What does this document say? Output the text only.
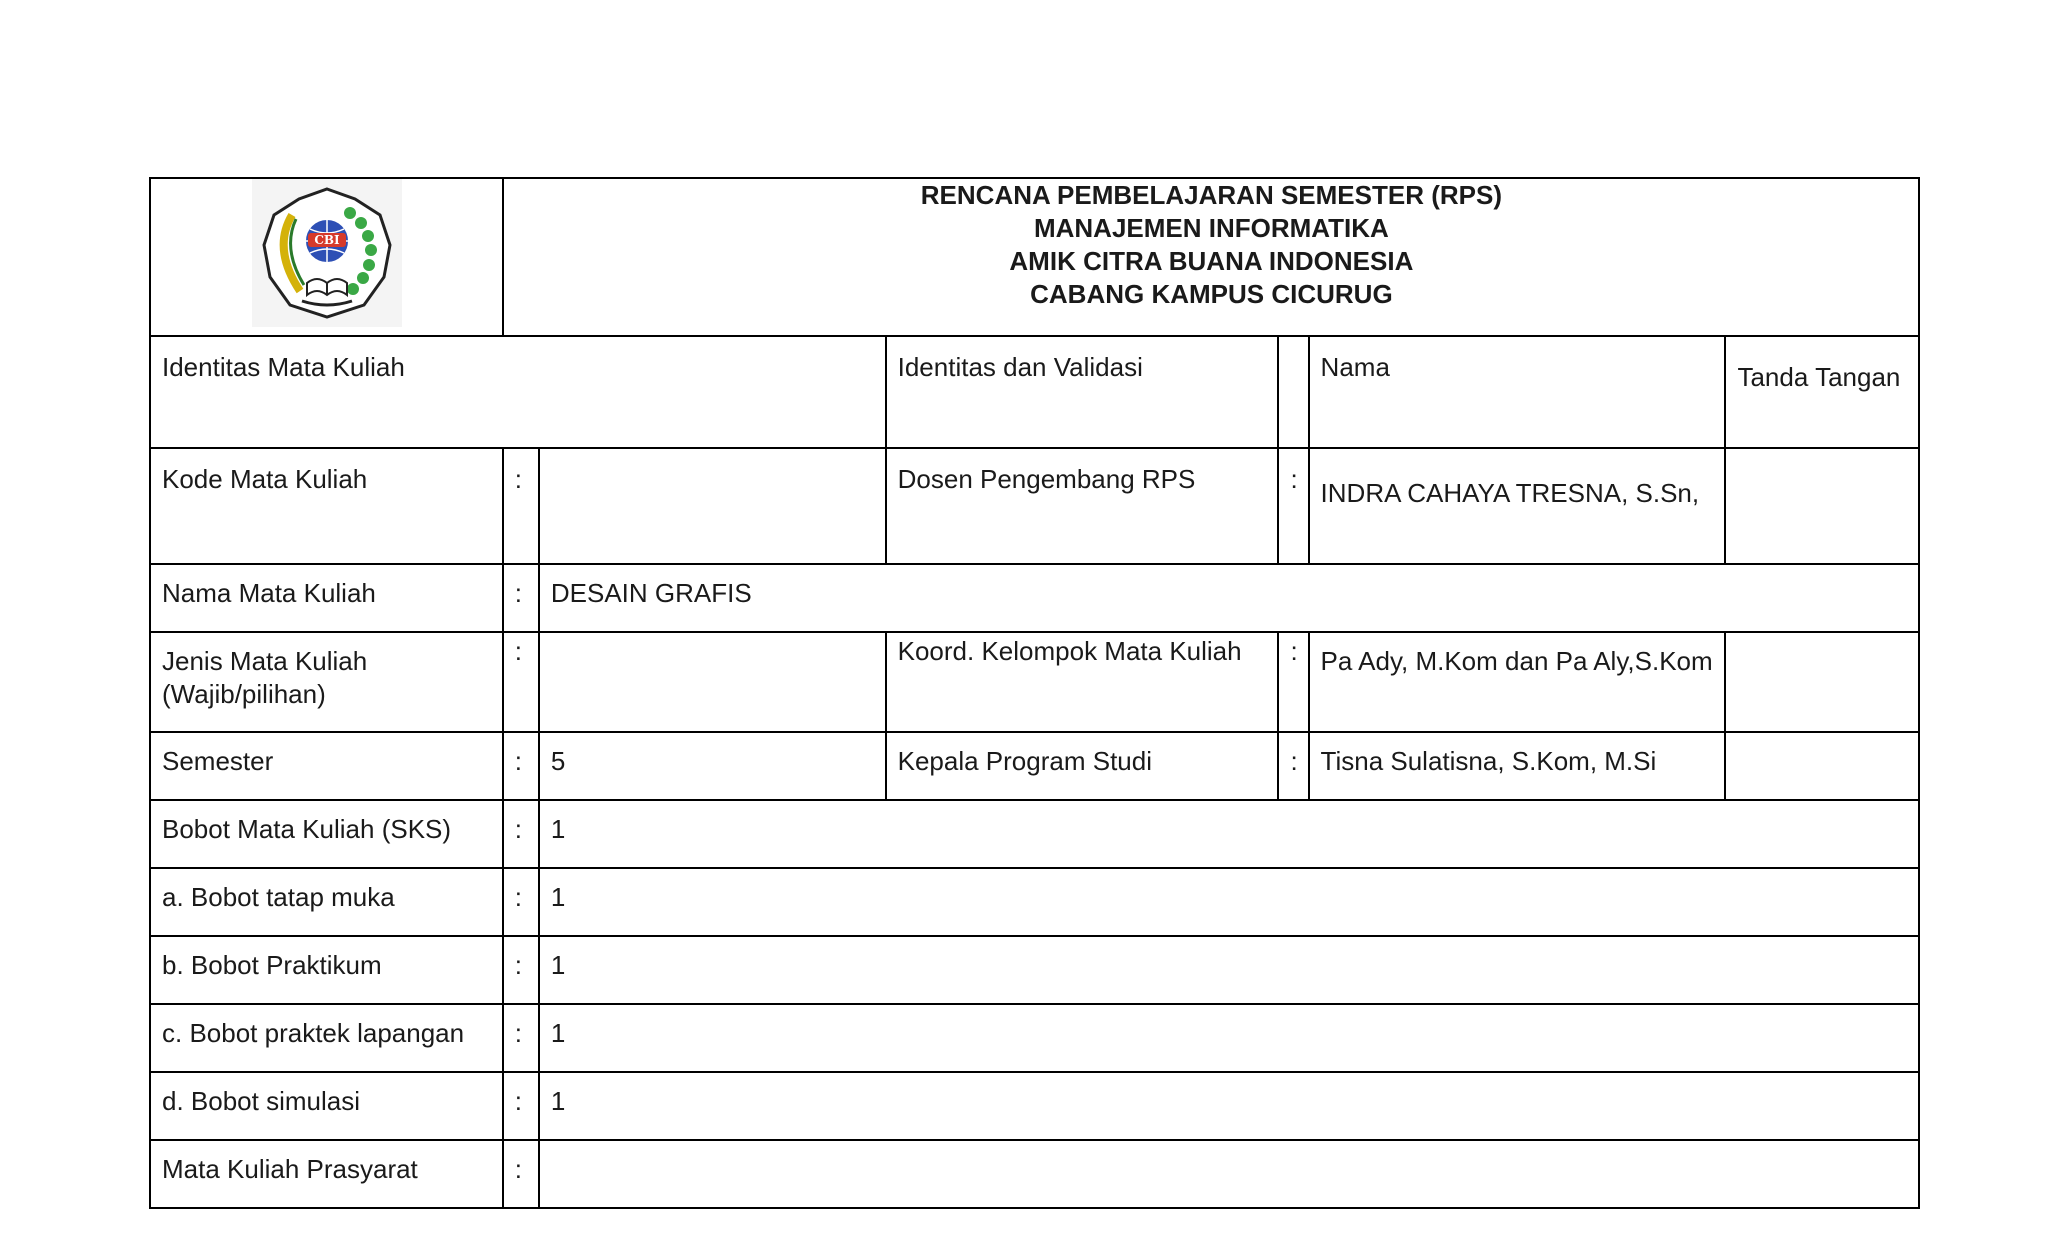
CBI	RENCANA PEMBELAJARAN SEMESTER (RPS)
MANAJEMEN INFORMATIKA
AMIK CITRA BUANA INDONESIA
CABANG KAMPUS CICURUG					

Identitas Mata Kuliah			Identitas dan Validasi		Nama	Tanda Tangan
Kode Mata Kuliah	:		Dosen Pengembang RPS	:	INDRA CAHAYA TRESNA, S.Sn,	
Nama Mata Kuliah	:	DESAIN GRAFIS				
Jenis Mata Kuliah (Wajib/pilihan)	:		Koord. Kelompok Mata Kuliah	:	Pa Ady, M.Kom dan Pa Aly,S.Kom	
Semester	:	5	Kepala Program Studi	:	Tisna Sulatisna, S.Kom, M.Si	
Bobot Mata Kuliah (SKS)	:	1				
a. Bobot tatap muka	:	1				
b. Bobot Praktikum	:	1				
c. Bobot praktek lapangan	:	1				
d. Bobot simulasi	:	1				
Mata Kuliah Prasyarat	:					
